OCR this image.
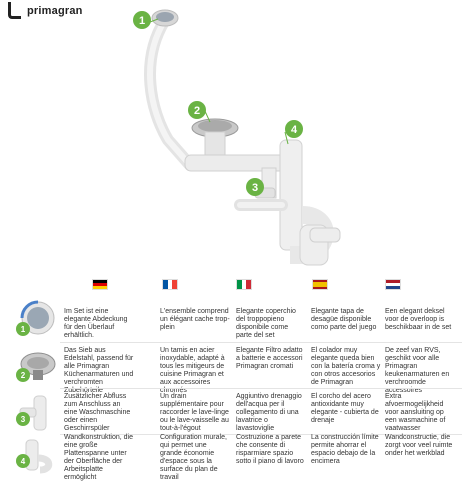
primagran
1
2
4
3
1
Im Set ist eine elegante Abdeckung für den Überlauf erhältlich.
L'ensemble comprend un élégant cache trop-plein
Elegante coperchio del troppopieno disponibile come parte del set
Elegante tapa de desagüe disponible como parte del juego
Een elegant deksel voor de overloop is beschikbaar in de set
2
Das Sieb aus Edelstahl, passend für alle Primagran Küchenarmaturen und verchromten Zubehörteile
Un tamis en acier inoxydable, adapté à tous les mitigeurs de cuisine Primagran et aux accessoires chromés
Elegante Filtro adatto a batterie e accessori Primagran cromati
El colador muy elegante queda bien con la batería croma y con otros accesorios de Primagran
De zeef van RVS, geschikt voor alle Primagran keukenarmaturen en verchroomde accessoires
3
Zusätzlicher Abfluss zum Anschluss an eine Waschmaschine oder einen Geschirrspüler
Un drain supplémentaire pour raccorder le lave-linge ou le lave-vaisselle au tout-à-l'égout
Aggiuntivo drenaggio dell'acqua per il collegamento di una lavatrice o lavastoviglie
El corcho del acero antioxidante muy elegante - cubierta de drenaje
Extra afvoermogelijkheid voor aansluiting op een wasmachine of vaatwasser
4
Wandkonstruktion, die eine große Plattenspanne unter der Oberfläche der Arbeitsplatte ermöglicht
Configuration murale, qui permet une grande économie d'espace sous la surface du plan de travail
Costruzione a parete che consente di risparmiare spazio sotto il piano di lavoro
La construcción límite permite ahorrar el espacio debajo de la encimera
Wandconstructie, die zorgt voor veel ruimte onder het werkblad
